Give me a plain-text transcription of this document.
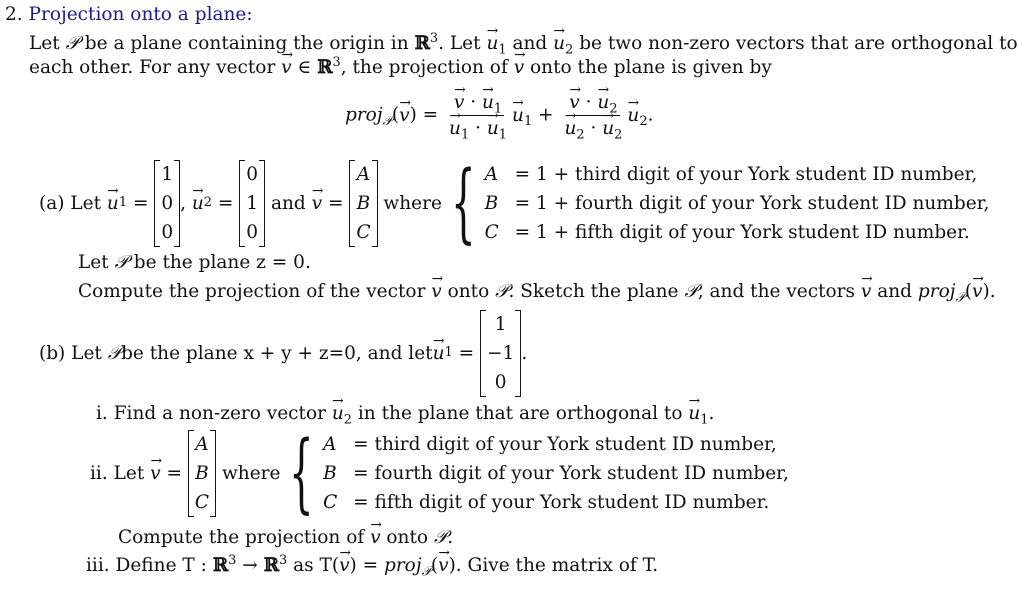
2. Projection onto a plane:
Let 𝒫 be a plane containing the origin in ℝ$^3$. Let → $u_1$ and → $u_2$ be two non-zero vectors that are orthogonal to
each other. For any vector → v ∈ ℝ$^3$, the projection of → v onto the plane is given by
proj$_𝒫$(→ v) =
→ v · → $u_1$
→ $u_1$ · → $u_1$
→ $u_1$ +
→ v · → $u_2$
→ $u_2$ · → $u_2$
→ $u_2$.
(a) Let

→ u 1 =
1
0
0
,
→ u 2 =
0
1
0

and

→ v =
A
B
C

where { A = 1 + third digit of your York student ID number,
B = 1 + fourth digit of your York student ID number,
C = 1 + fifth digit of your York student ID number.
Let 𝒫 be the plane z = 0.
Compute the projection of the vector → v onto 𝒫. Sketch the plane 𝒫, and the vectors → v and proj$_𝒫$(→ v).
(b) Let
𝒫 be the plane x + y + z=0, and let
→ u 1 =
1
−1
0
.
i. Find a non-zero vector → $u_2$ in the plane that are orthogonal to → $u_1$.
ii.
Let

→ v =
A
B
C

where { A = third digit of your York student ID number,
B = fourth digit of your York student ID number,
C = fifth digit of your York student ID number.
Compute the projection of → v onto 𝒫.
iii. Define T : ℝ$^3$ → ℝ$^3$ as T(→ v) = proj$_𝒫$(→ v). Give the matrix of T.
